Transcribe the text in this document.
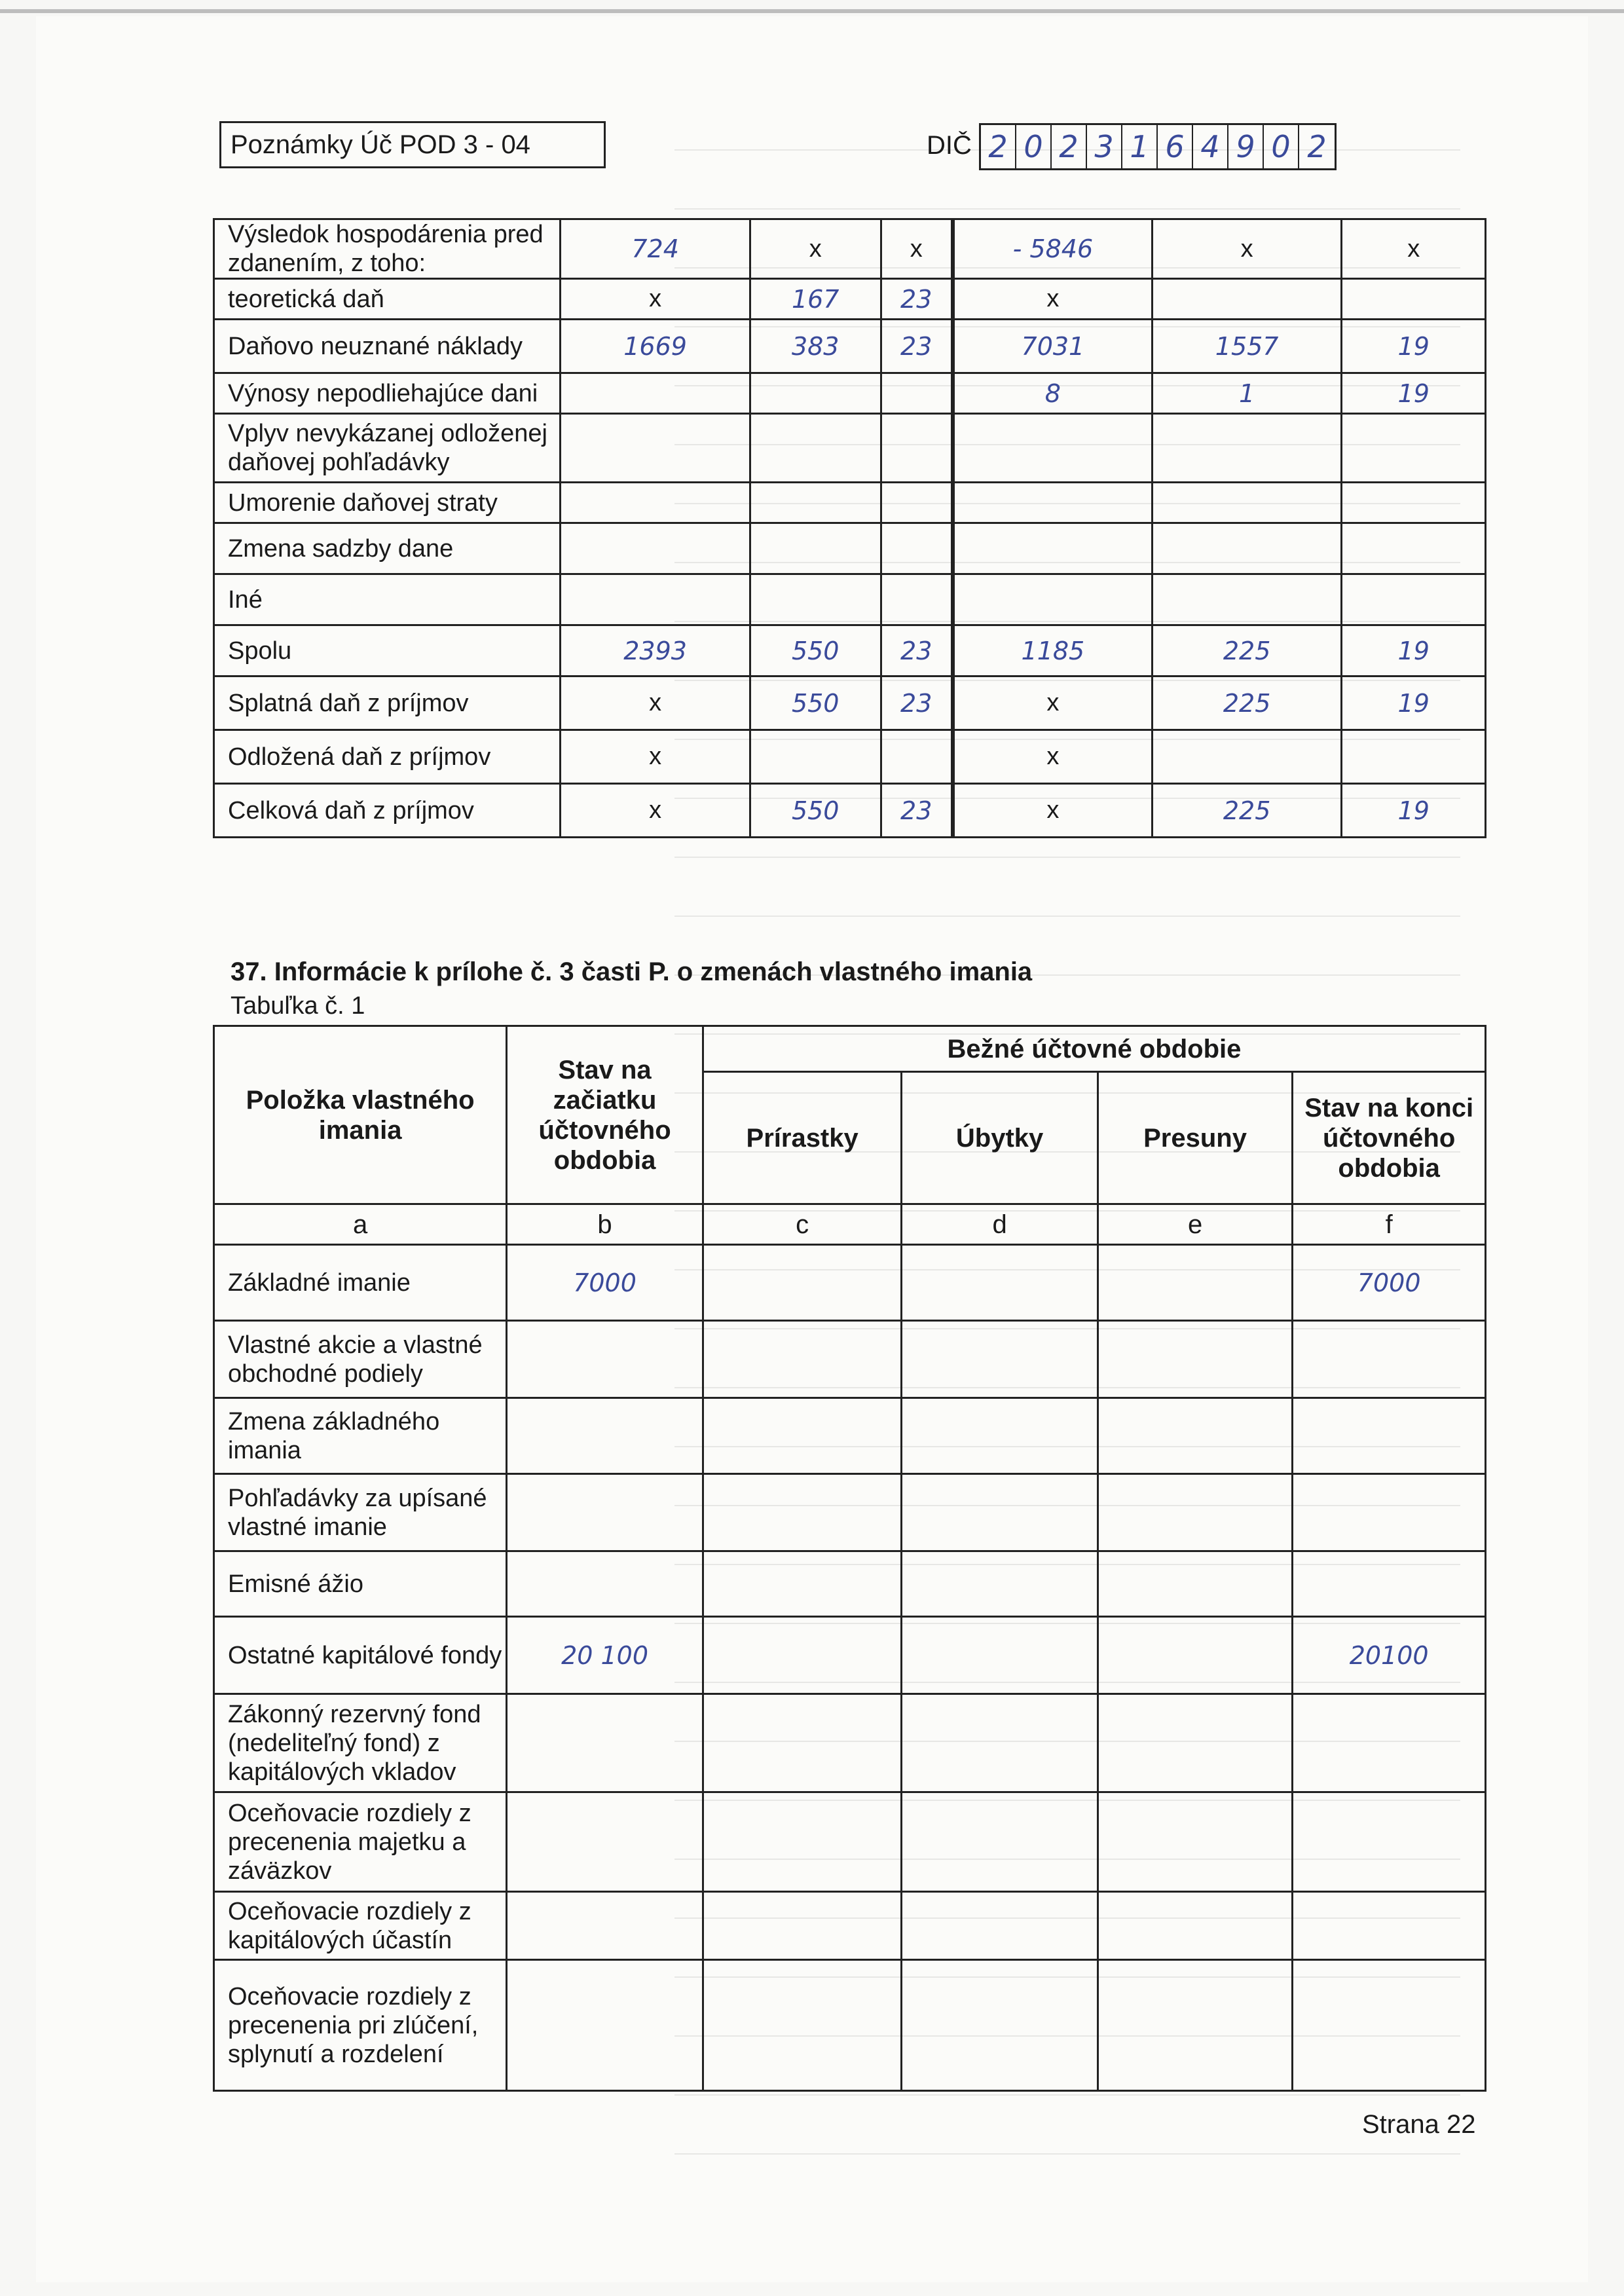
Poznámky Úč POD 3 - 04	DIČ 2 0 2 3 1 6 4 9 0 2
Výsledok hospodárenia pred zdanením, z toho:	724	x	x	- 5846	x	x
teoretická daň	x	167	23	x		
Daňovo neuznané náklady	1669	383	23	7031	1557	19
Výnosy nepodliehajúce dani				8	1	19
Vplyv nevykázanej odloženej daňovej pohľadávky						
Umorenie daňovej straty						
Zmena sadzby dane						
Iné						
Spolu	2393	550	23	1185	225	19
Splatná daň z príjmov	x	550	23	x	225	19
Odložená daň z príjmov	x			x		
Celková daň z príjmov	x	550	23	x	225	19
37. Informácie k prílohe č. 3 časti P. o zmenách vlastného imania
Tabuľka č. 1
Položka vlastného imania	Stav na začiatku účtovného obdobia	Bežné účtovné obdobie			
		Prírastky	Úbytky	Presuny	Stav na konci účtovného obdobia
a	b	c	d	e	f
Základné imanie	7000				7000
Vlastné akcie a vlastné obchodné podiely					
Zmena základného imania					
Pohľadávky za upísané vlastné imanie					
Emisné ážio					
Ostatné kapitálové fondy	20 100				20100
Zákonný rezervný fond (nedeliteľný fond) z kapitálových vkladov					
Oceňovacie rozdiely z precenenia majetku a záväzkov					
Oceňovacie rozdiely z kapitálových účastín					
Oceňovacie rozdiely z precenenia pri zlúčení, splynutí a rozdelení					
Strana 22
